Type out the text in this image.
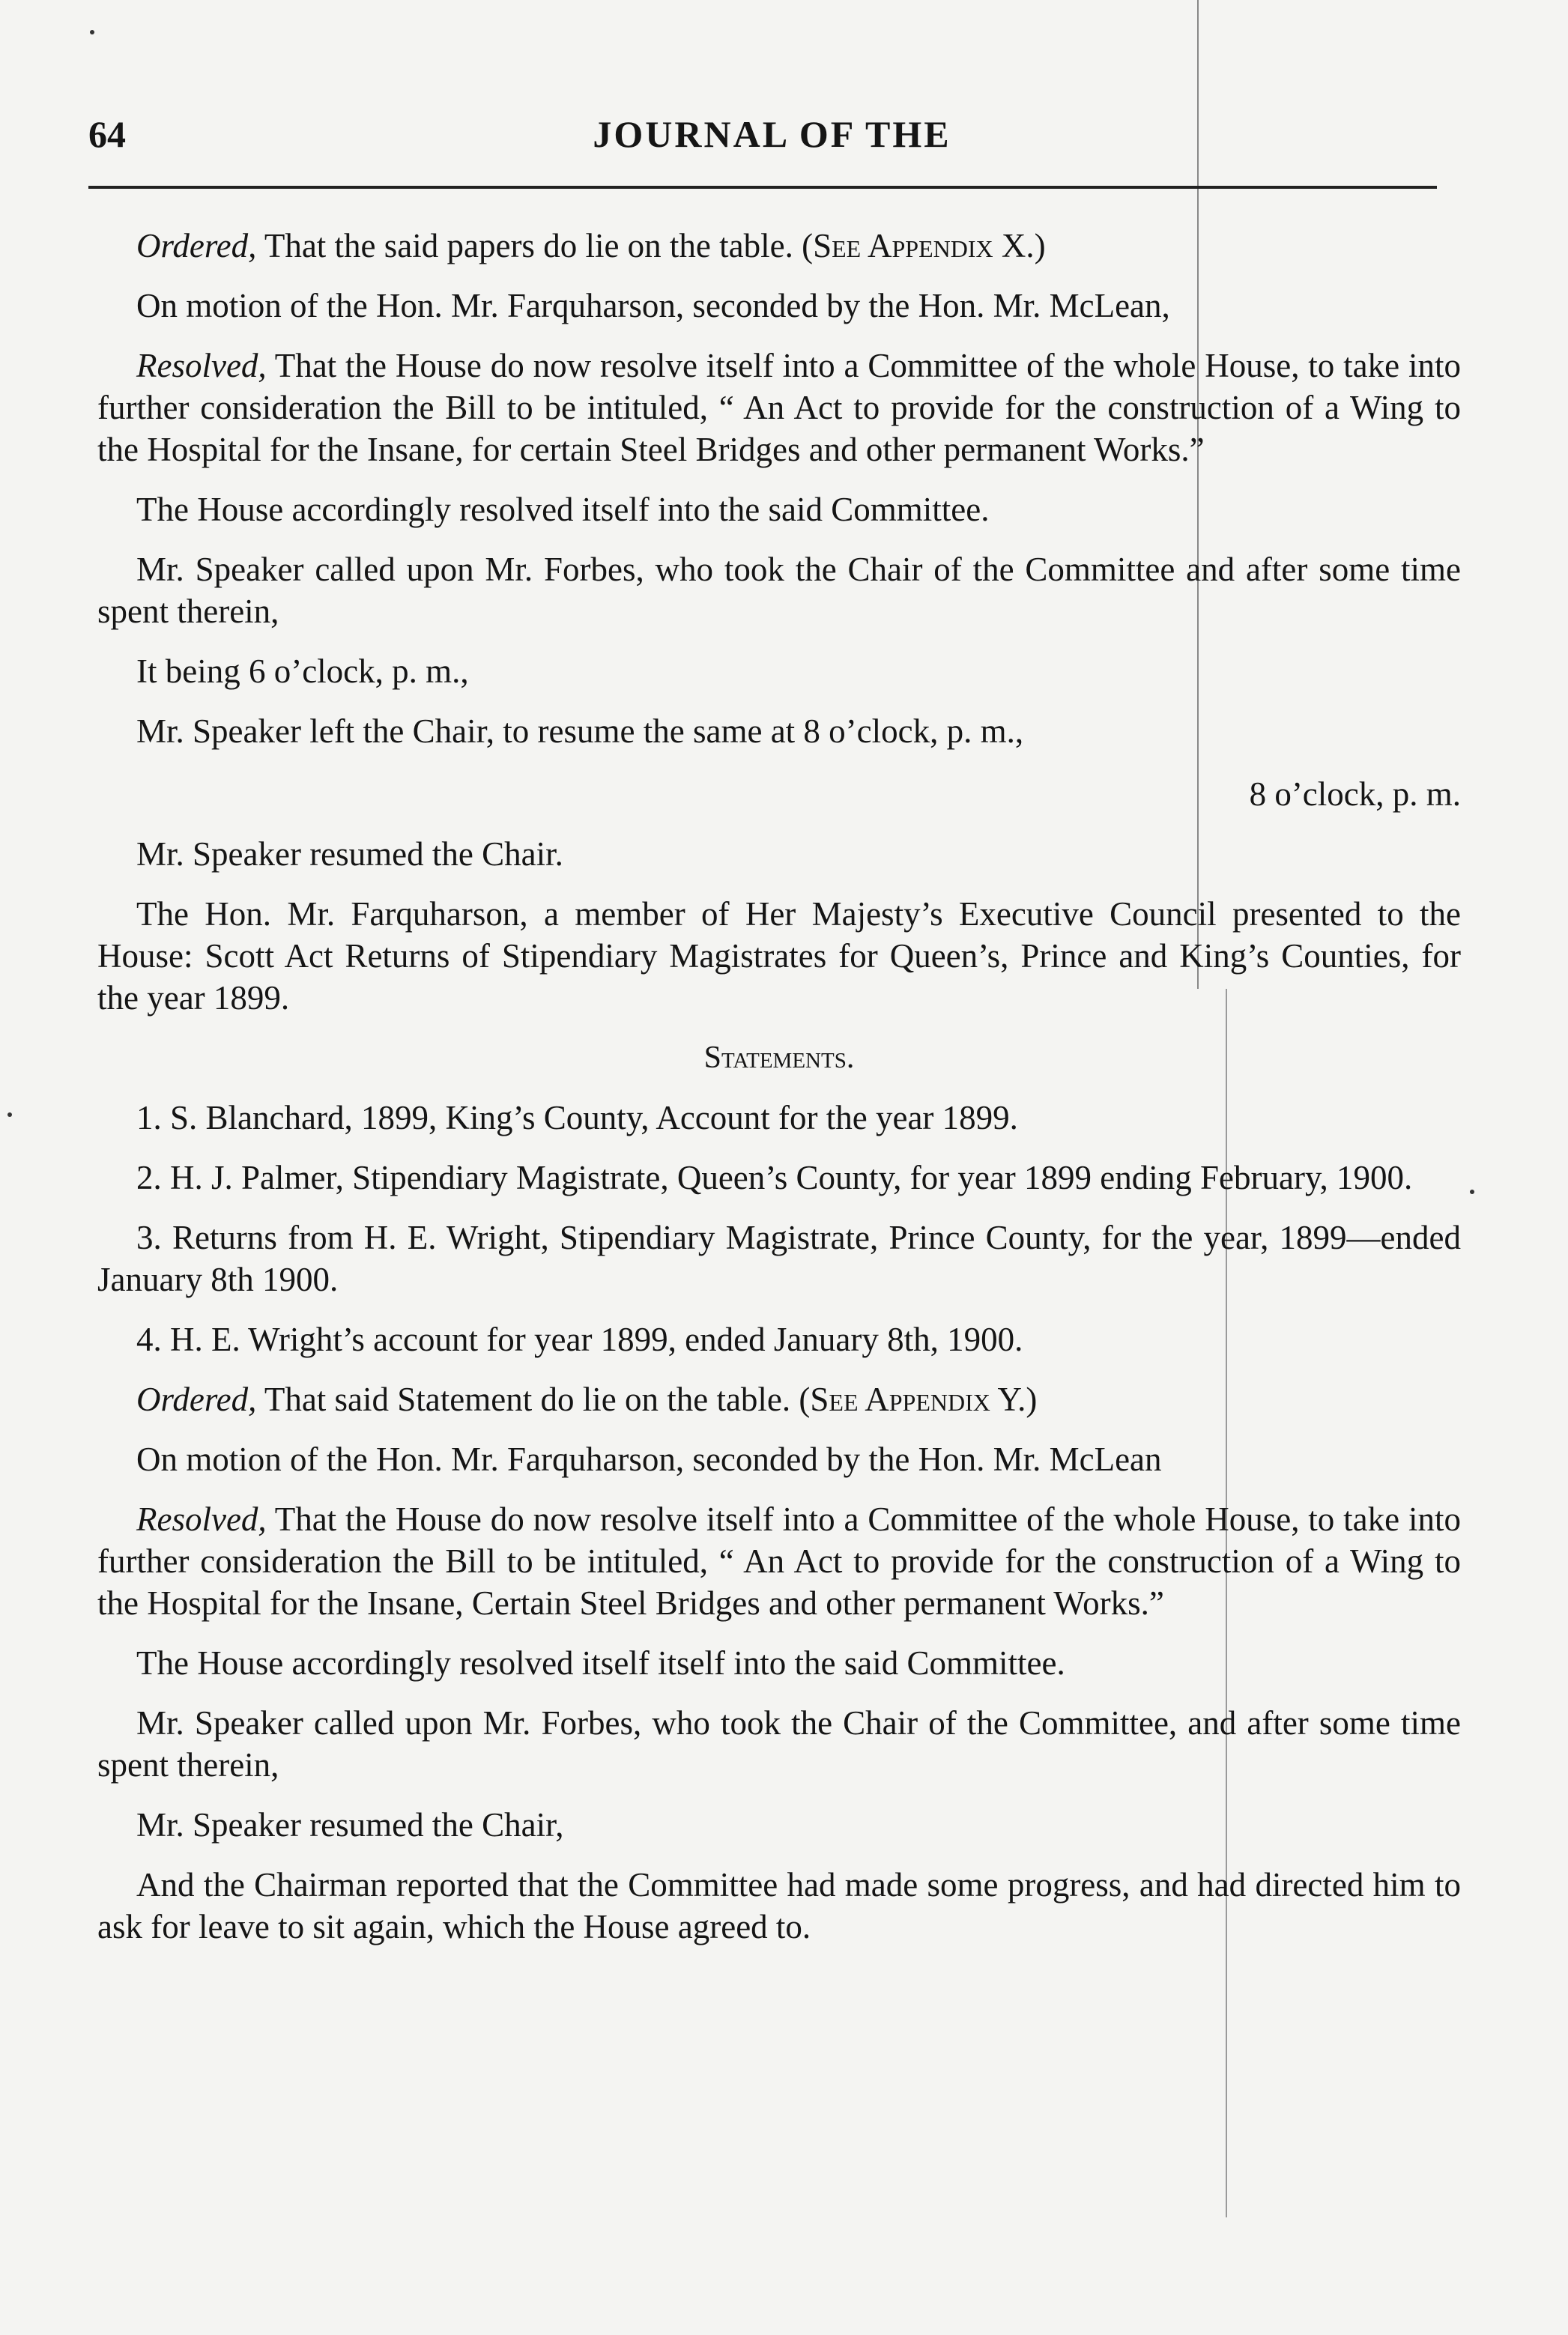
64	JOURNAL OF THE

Ordered, That the said papers do lie on the table. (See Appendix X.)

On motion of the Hon. Mr. Farquharson, seconded by the Hon. Mr. McLean,

Resolved, That the House do now resolve itself into a Committee of the whole House, to take into further consideration the Bill to be intituled, “ An Act to provide for the construction of a Wing to the Hospital for the Insane, for certain Steel Bridges and other permanent Works.”

The House accordingly resolved itself into the said Committee.

Mr. Speaker called upon Mr. Forbes, who took the Chair of the Committee and after some time spent therein,

It being 6 o’clock, p. m.,

Mr. Speaker left the Chair, to resume the same at 8 o’clock, p. m.,

8 o’clock, p. m.

Mr. Speaker resumed the Chair.

The Hon. Mr. Farquharson, a member of Her Majesty’s Executive Council presented to the House: Scott Act Returns of Stipendiary Magistrates for Queen’s, Prince and King’s Counties, for the year 1899.

Statements.

1. S. Blanchard, 1899, King’s County, Account for the year 1899.

2. H. J. Palmer, Stipendiary Magistrate, Queen’s County, for year 1899 ending February, 1900.

3. Returns from H. E. Wright, Stipendiary Magistrate, Prince County, for the year, 1899—ended January 8th 1900.

4. H. E. Wright’s account for year 1899, ended January 8th, 1900.

Ordered, That said Statement do lie on the table. (See Appendix Y.)

On motion of the Hon. Mr. Farquharson, seconded by the Hon. Mr. McLean

Resolved, That the House do now resolve itself into a Committee of the whole House, to take into further consideration the Bill to be intituled, “ An Act to provide for the construction of a Wing to the Hospital for the Insane, Certain Steel Bridges and other permanent Works.”

The House accordingly resolved itself itself into the said Committee.

Mr. Speaker called upon Mr. Forbes, who took the Chair of the Committee, and after some time spent therein,

Mr. Speaker resumed the Chair,

And the Chairman reported that the Committee had made some progress, and had directed him to ask for leave to sit again, which the House agreed to.
